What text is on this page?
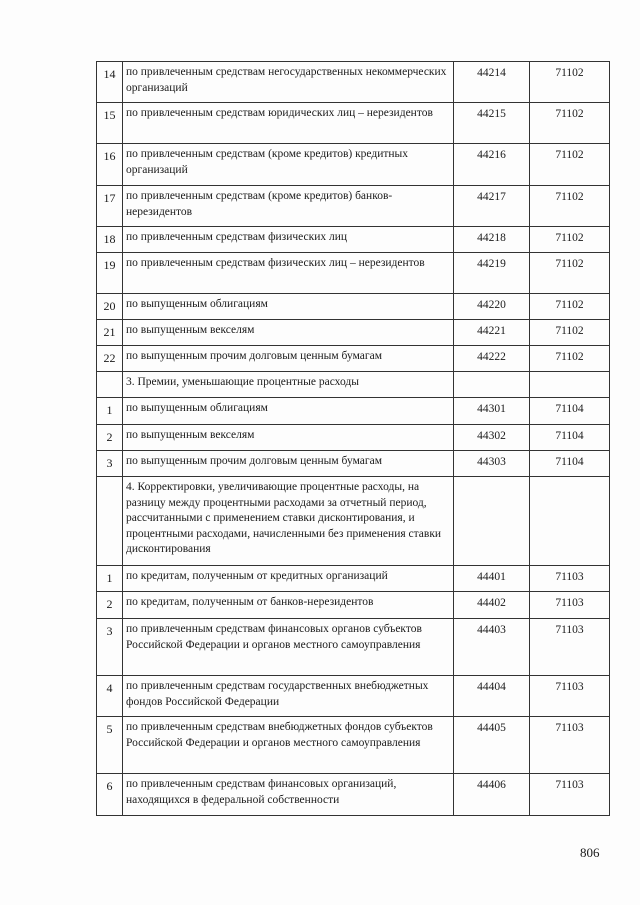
14	по привлеченным средствам негосударственных некоммерческих организаций	44214	71102
15	по привлеченным средствам юридических лиц – нерезидентов	44215	71102
16	по привлеченным средствам (кроме кредитов) кредитных организаций	44216	71102
17	по привлеченным средствам (кроме кредитов) банков-нерезидентов	44217	71102
18	по привлеченным средствам физических лиц	44218	71102
19	по привлеченным средствам физических лиц – нерезидентов	44219	71102
20	по выпущенным облигациям	44220	71102
21	по выпущенным векселям	44221	71102
22	по выпущенным прочим долговым ценным бумагам	44222	71102
	3. Премии, уменьшающие процентные расходы		
1	по выпущенным облигациям	44301	71104
2	по выпущенным векселям	44302	71104
3	по выпущенным прочим долговым ценным бумагам	44303	71104
	4. Корректировки, увеличивающие процентные расходы, на разницу между процентными расходами за отчетный период, рассчитанными с применением ставки дисконтирования, и процентными расходами, начисленными без применения ставки дисконтирования		
1	по кредитам, полученным от кредитных организаций	44401	71103
2	по кредитам, полученным от банков-нерезидентов	44402	71103
3	по привлеченным средствам финансовых органов субъектов Российской Федерации и органов местного самоуправления	44403	71103
4	по привлеченным средствам государственных внебюджетных фондов Российской Федерации	44404	71103
5	по привлеченным средствам внебюджетных фондов субъектов Российской Федерации и органов местного самоуправления	44405	71103
6	по привлеченным средствам финансовых организаций, находящихся в федеральной собственности	44406	71103
806
